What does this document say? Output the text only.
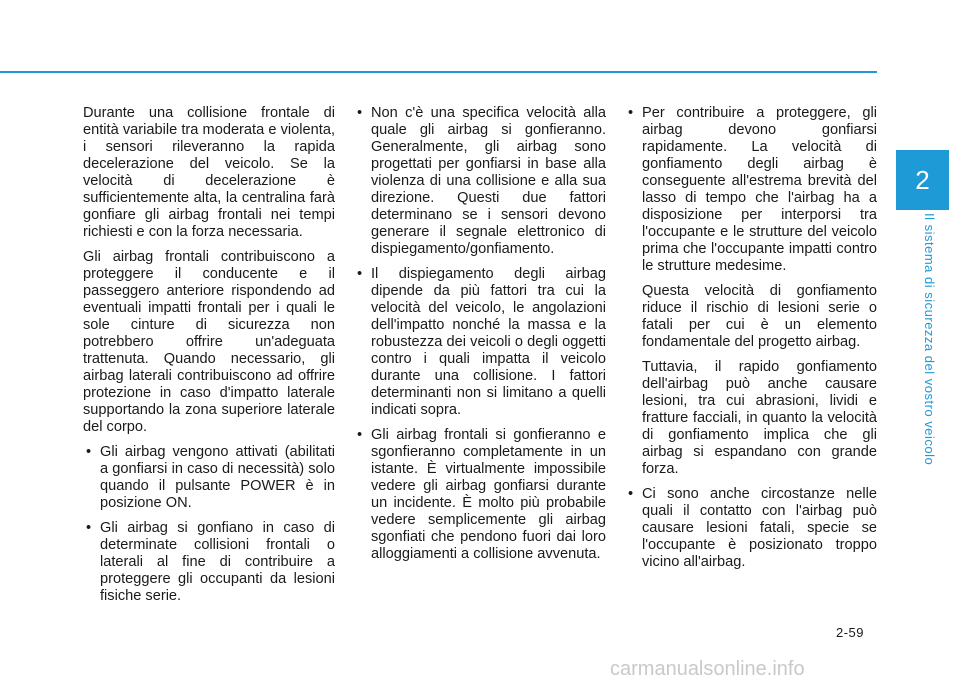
2
Il sistema di sicurezza del vostro veicolo

Durante una collisione frontale di entità variabile tra moderata e violenta, i sensori rileveranno la rapida decelerazione del veicolo. Se la velocità di decelerazione è sufficientemente alta, la centralina farà gonfiare gli airbag frontali nei tempi richiesti e con la forza necessaria.

Gli airbag frontali contribuiscono a proteggere il conducente e il passeggero anteriore rispondendo ad eventuali impatti frontali per i quali le sole cinture di sicurezza non potrebbero offrire un'adeguata trattenuta. Quando necessario, gli airbag laterali contribuiscono ad offrire protezione in caso d'impatto laterale supportando la zona superiore laterale del corpo.

• Gli airbag vengono attivati (abilitati a gonfiarsi in caso di necessità) solo quando il pulsante POWER è in posizione ON.

• Gli airbag si gonfiano in caso di determinate collisioni frontali o laterali al fine di contribuire a proteggere gli occupanti da lesioni fisiche serie.

• Non c'è una specifica velocità alla quale gli airbag si gonfieranno. Generalmente, gli airbag sono progettati per gonfiarsi in base alla violenza di una collisione e alla sua direzione. Questi due fattori determinano se i sensori devono generare il segnale elettronico di dispiegamento/gonfiamento.

• Il dispiegamento degli airbag dipende da più fattori tra cui la velocità del veicolo, le angolazioni dell'impatto nonché la massa e la robustezza dei veicoli o degli oggetti contro i quali impatta il veicolo durante una collisione. I fattori determinanti non si limitano a quelli indicati sopra.

• Gli airbag frontali si gonfieranno e sgonfieranno completamente in un istante. È virtualmente impossibile vedere gli airbag gonfiarsi durante un incidente. È molto più probabile vedere semplicemente gli airbag sgonfiati che pendono fuori dai loro alloggiamenti a collisione avvenuta.

• Per contribuire a proteggere, gli airbag devono gonfiarsi rapidamente. La velocità di gonfiamento degli airbag è conseguente all'estrema brevità del lasso di tempo che l'airbag ha a disposizione per interporsi tra l'occupante e le strutture del veicolo prima che l'occupante impatti contro le strutture medesime.

Questa velocità di gonfiamento riduce il rischio di lesioni serie o fatali per cui è un elemento fondamentale del progetto airbag.

Tuttavia, il rapido gonfiamento dell'airbag può anche causare lesioni, tra cui abrasioni, lividi e fratture facciali, in quanto la velocità di gonfiamento implica che gli airbag si espandano con grande forza.

• Ci sono anche circostanze nelle quali il contatto con l'airbag può causare lesioni fatali, specie se l'occupante è posizionato troppo vicino all'airbag.

2-59
carmanualsonline.info
